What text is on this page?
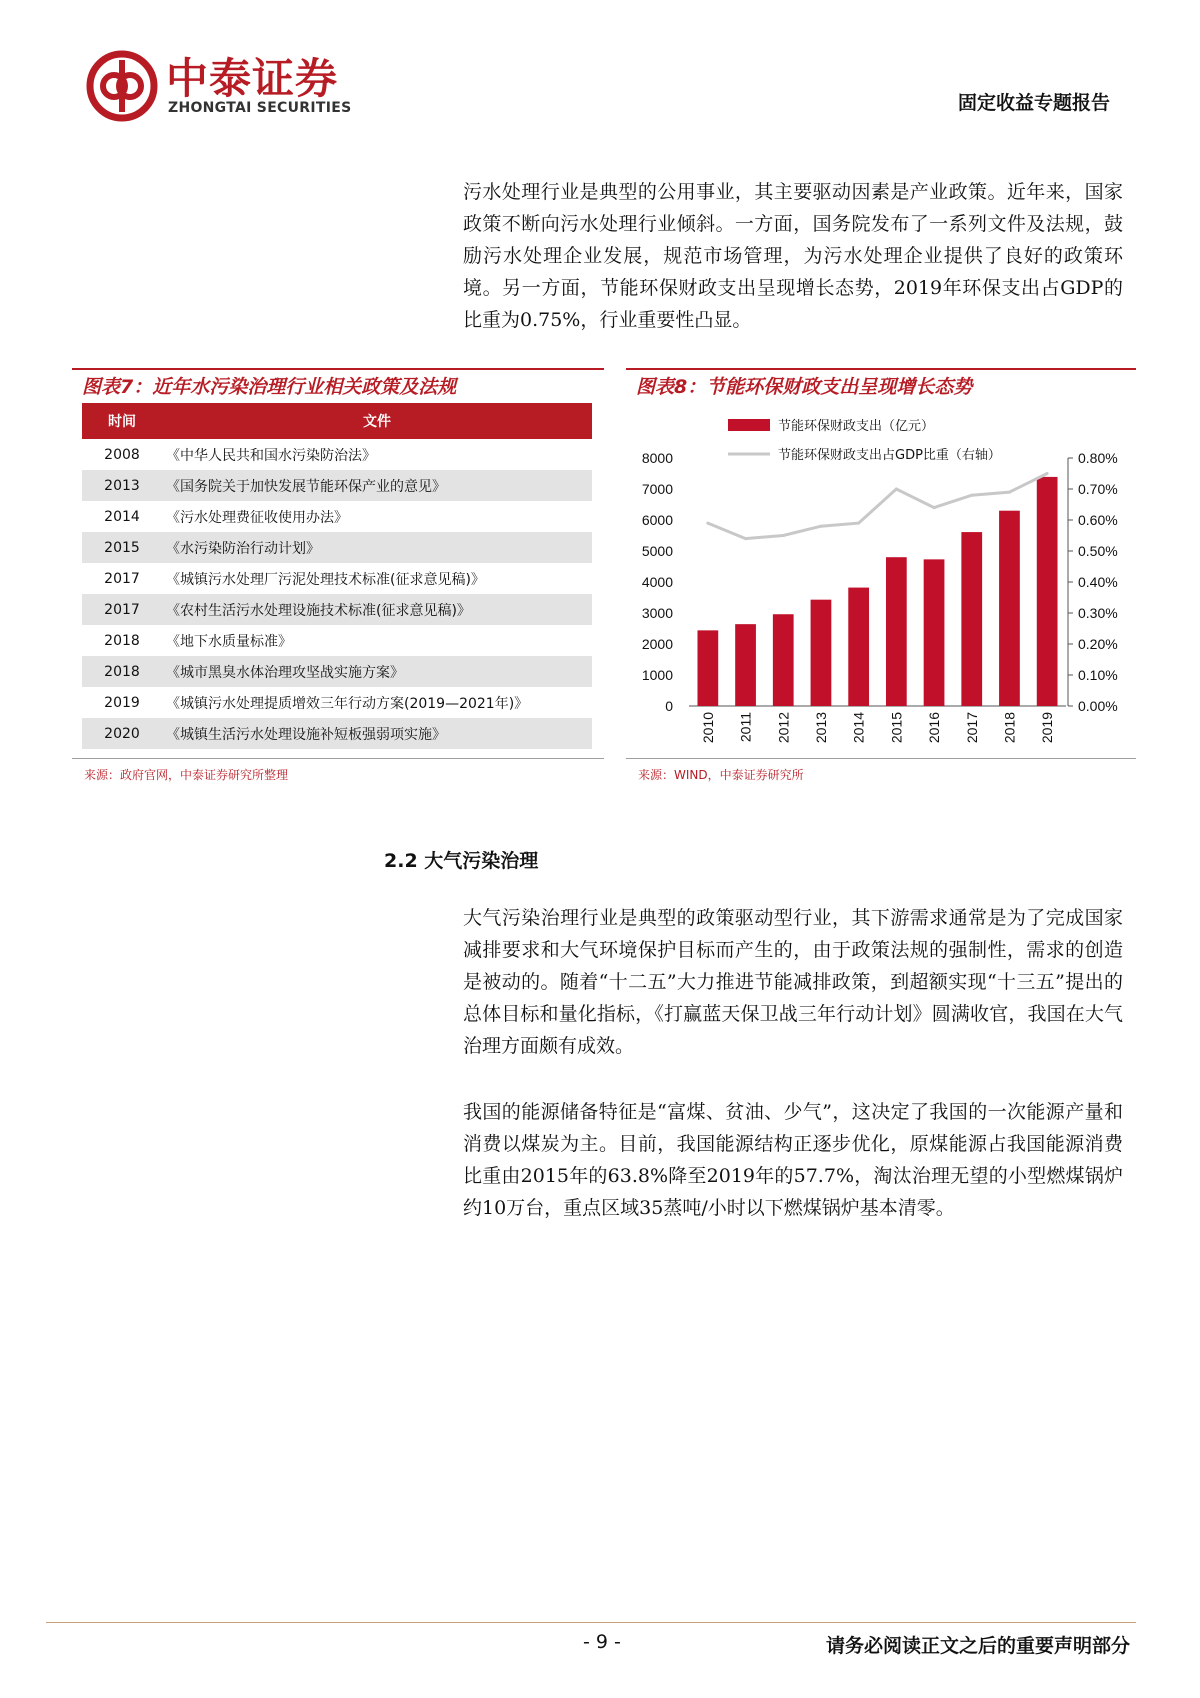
中泰证券
ZHONGTAI SECURITIES	固定收益专题报告
污水处理行业是典型的公用事业，其主要驱动因素是产业政策。近年来，国家政策不断向污水处理行业倾斜。一方面，国务院发布了一系列文件及法规，鼓励污水处理企业发展，规范市场管理，为污水处理企业提供了良好的政策环境。另一方面，节能环保财政支出呈现增长态势，2019年环保支出占GDP的比重为0.75%，行业重要性凸显。
图表7：近年水污染治理行业相关政策及法规
时间	文件
2008	《中华人民共和国水污染防治法》
2013	《国务院关于加快发展节能环保产业的意见》
2014	《污水处理费征收使用办法》
2015	《水污染防治行动计划》
2017	《城镇污水处理厂污泥处理技术标准(征求意见稿)》
2017	《农村生活污水处理设施技术标准(征求意见稿)》
2018	《地下水质量标准》
2018	《城市黑臭水体治理攻坚战实施方案》
2019	《城镇污水处理提质增效三年行动方案(2019—2021年)》
2020	《城镇生活污水处理设施补短板强弱项实施》
来源：政府官网，中泰证券研究所整理
图表8：节能环保财政支出呈现增长态势
0
1000
2000
3000
4000
5000
6000
7000
8000
0.00%
0.10%
0.20%
0.30%
0.40%
0.50%
0.60%
0.70%
0.80%
2010 2011 2012 2013 2014 2015 2016 2017 2018 2019
节能环保财政支出（亿元）
节能环保财政支出占GDP比重（右轴）
来源：WIND，中泰证券研究所
2.2 大气污染治理
大气污染治理行业是典型的政策驱动型行业，其下游需求通常是为了完成国家减排要求和大气环境保护目标而产生的，由于政策法规的强制性，需求的创造是被动的。随着“十二五”大力推进节能减排政策，到超额实现“十三五”提出的总体目标和量化指标，《打赢蓝天保卫战三年行动计划》圆满收官，我国在大气治理方面颇有成效。
我国的能源储备特征是“富煤、贫油、少气”，这决定了我国的一次能源产量和消费以煤炭为主。目前，我国能源结构正逐步优化，原煤能源占我国能源消费比重由2015年的63.8%降至2019年的57.7%，淘汰治理无望的小型燃煤锅炉约10万台，重点区域35蒸吨/小时以下燃煤锅炉基本清零。
- 9 -	请务必阅读正文之后的重要声明部分
